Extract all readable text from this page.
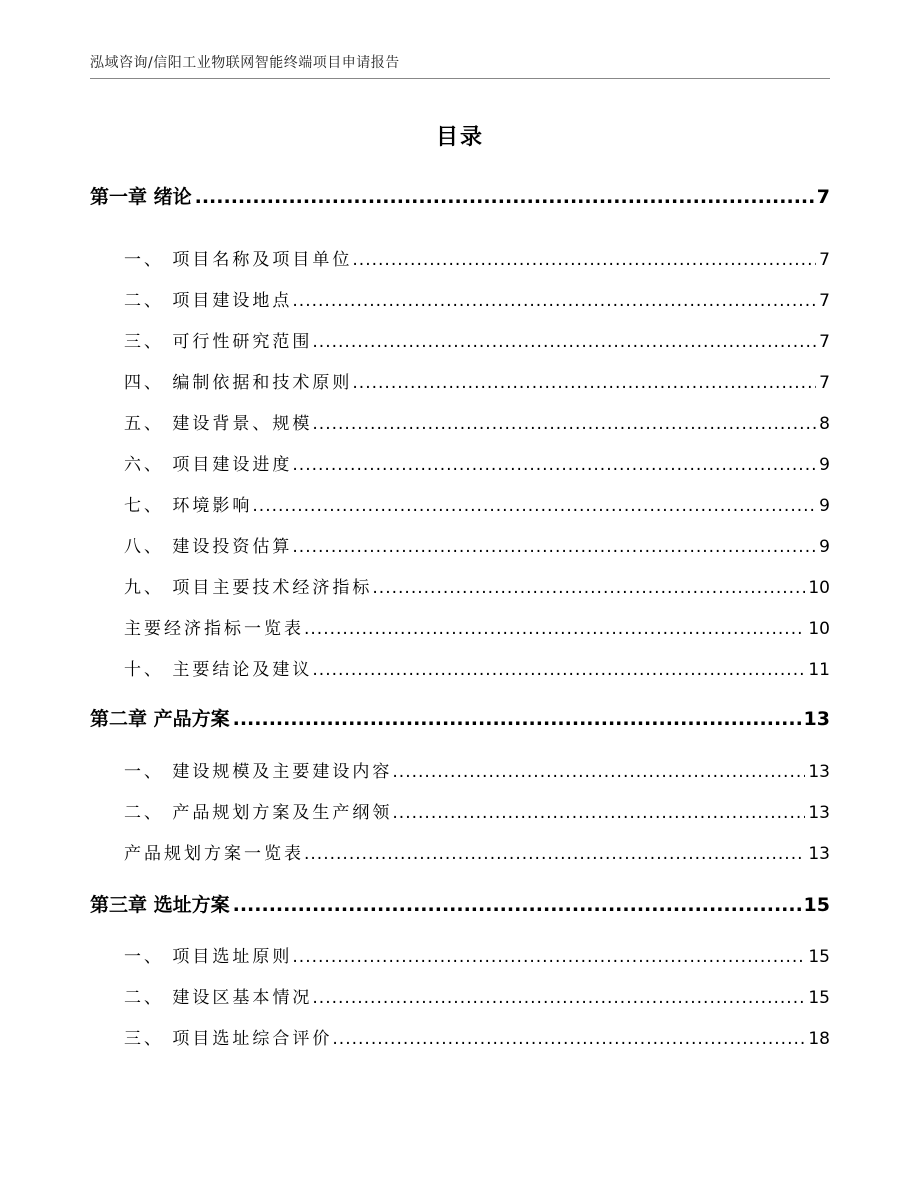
泓域咨询/信阳工业物联网智能终端项目申请报告
目录
第一章 绪论 .....	7
一、 项目名称及项目单位 .....	7
二、 项目建设地点 .....	7
三、 可行性研究范围 .....	7
四、 编制依据和技术原则 .....	7
五、 建设背景、规模 .....	8
六、 项目建设进度 .....	9
七、 环境影响 .....	9
八、 建设投资估算 .....	9
九、 项目主要技术经济指标 .....	10
主要经济指标一览表 .....	10
十、 主要结论及建议 .....	11
第二章 产品方案 .....	13
一、 建设规模及主要建设内容 .....	13
二、 产品规划方案及生产纲领 .....	13
产品规划方案一览表 .....	13
第三章 选址方案 .....	15
一、 项目选址原则 .....	15
二、 建设区基本情况 .....	15
三、 项目选址综合评价 .....	18
